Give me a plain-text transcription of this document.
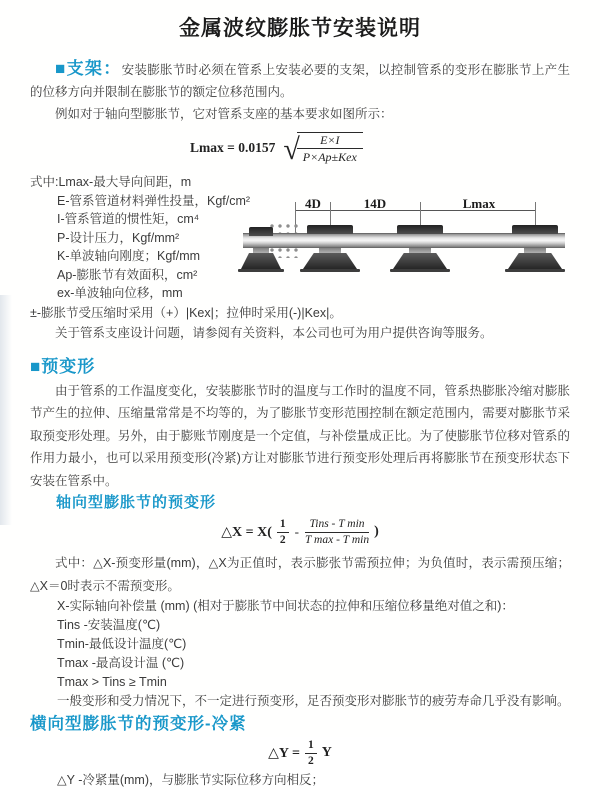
金属波纹膨胀节安装说明

■支架：安装膨胀节时必须在管系上安装必要的支架，以控制管系的变形在膨胀节上产生的位移方向并限制在膨胀节的额定位移范围内。

例如对于轴向型膨胀节，它对管系支座的基本要求如图所示：

Lmax = 0.0157 √	E×I
P×Ap±Kex
式中:Lmax-最大导向间距，m
E-管系管道材料弹性投量，Kgf/cm²
I-管系管道的惯性矩，cm⁴
P-设计压力，Kgf/mm²
K-单波轴向刚度；Kgf/mm
Ap-膨胀节有效面积，cm²
ex-单波轴向位移，mm
±-膨胀节受压缩时采用（+）|Kex|；拉伸时采用(-)|Kex|。
关于管系支座设计问题，请参阅有关资料，本公司也可为用户提供咨询等服务。
■预变形

由于管系的工作温度变化，安装膨胀节时的温度与工作时的温度不同，管系热膨胀冷缩对膨胀节产生的拉伸、压缩量常常是不均等的，为了膨胀节变形范围控制在额定范围内，需要对膨胀节采取预变形处理。另外，由于膨账节刚度是一个定值，与补偿量成正比。为了使膨胀节位移对管系的作用力最小，也可以采用预变形(冷紧)方让对膨胀节进行预变形处理后再将膨胀节在预变形状态下安装在管系中。

轴向型膨胀节的预变形
△X = $X( \frac{1}{2}$ -
Tins - T min
T max - T min
)

式中：△X-预变形量(mm)，△X为正值时，表示膨张节需预拉伸；为负值时，表示需预压缩；△X＝0时表示不需预变形。

X-实际轴向补偿量 (mm) (相对于膨胀节中间状态的拉伸和压缩位移量绝对值之和)：
Tins -安装温度(℃)
Tmin-最低设计温度(℃)
Tmax -最高设计温 (℃)
Tmax > Tins ≥ Tmin
一般变形和受力情况下，不一定进行预变形，足否预变形对膨胀节的疲劳寿命几乎没有影响。
横向型膨胀节的预变形-冷紧
△Y = $\frac{1}{2}$ Y
△Y -冷紧量(mm)，与膨胀节实际位移方向相反；
4D	14D	Lmax
